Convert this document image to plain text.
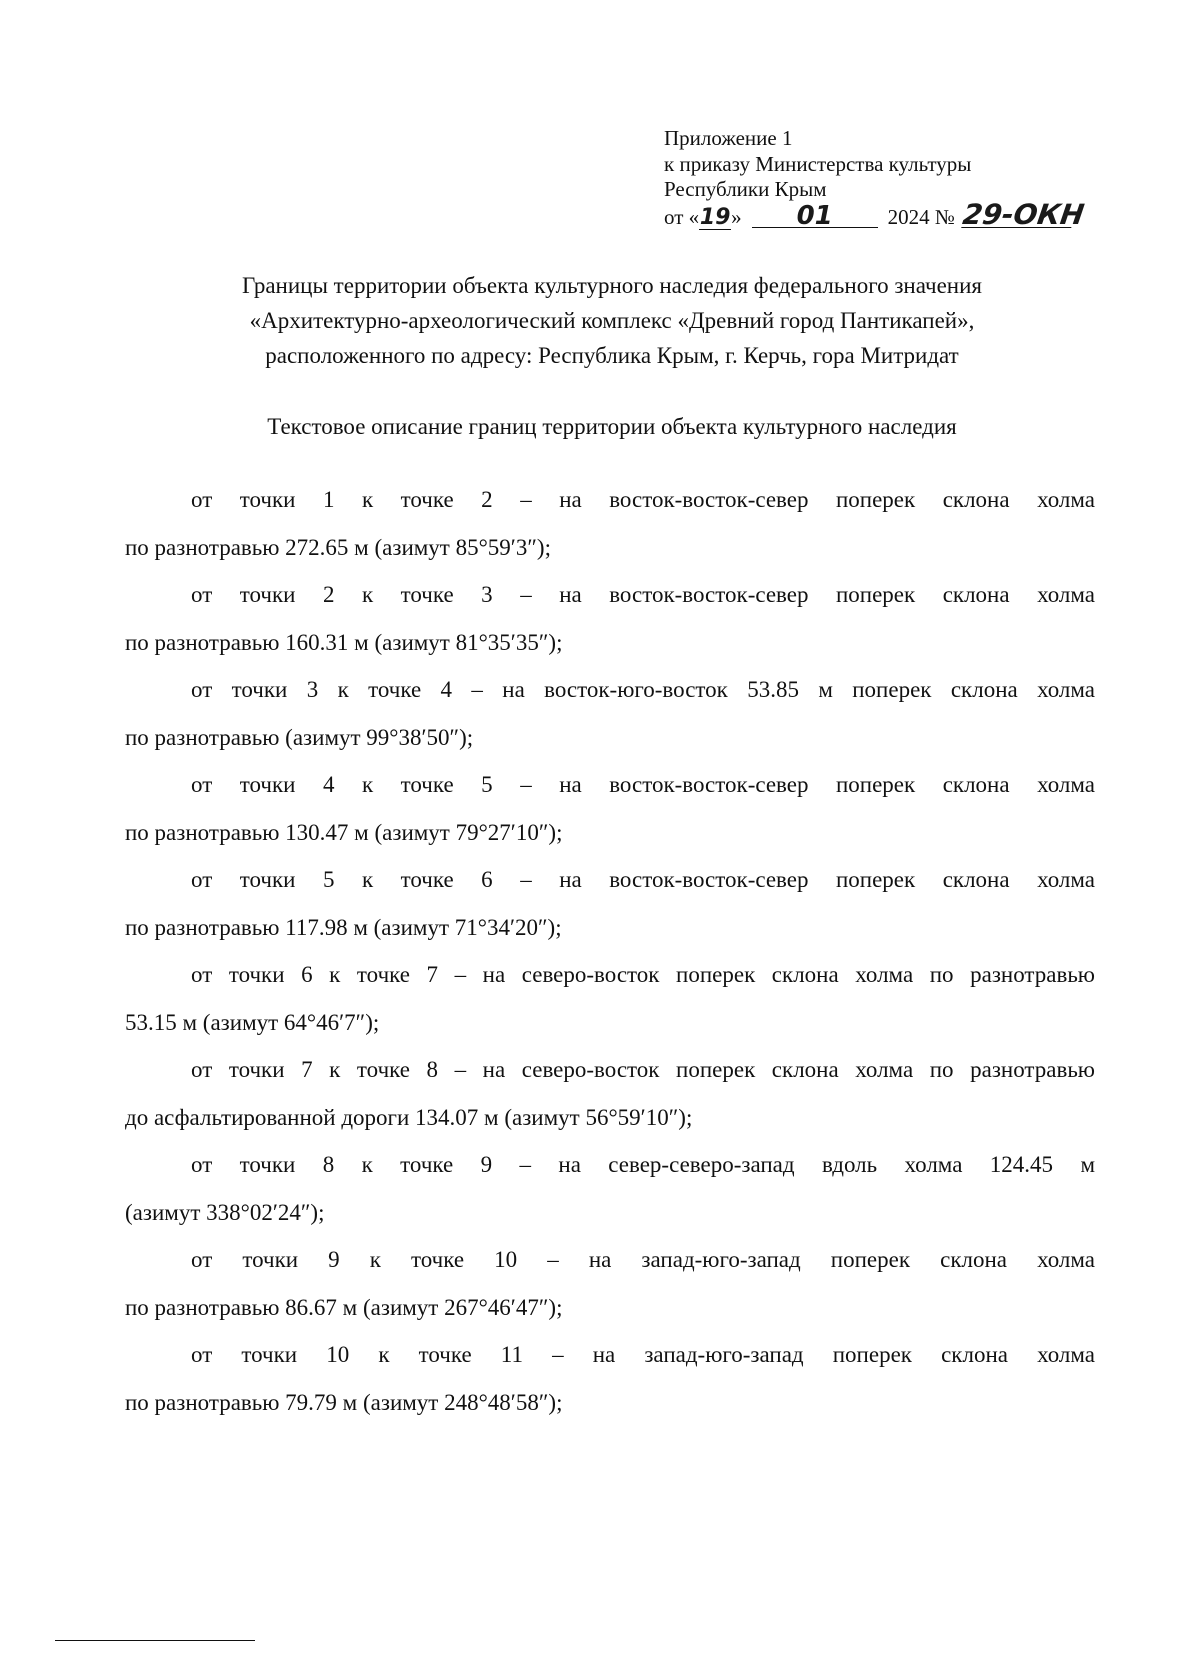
Приложение 1
к приказу Министерства культуры
Республики Крым
от «19» 01	2024 № 29-ОКН
Границы территории объекта культурного наследия федерального значения
«Архитектурно-археологический комплекс «Древний город Пантикапей»,
расположенного по адресу: Республика Крым, г. Керчь, гора Митридат
Текстовое описание границ территории объекта культурного наследия

от точки 1 к точке 2 – на восток-восток-север поперек склона холма
по разнотравью 272.65 м (азимут 85°59′3″);

от точки 2 к точке 3 – на восток-восток-север поперек склона холма
по разнотравью 160.31 м (азимут 81°35′35″);

от точки 3 к точке 4 – на восток-юго-восток 53.85 м поперек склона холма
по разнотравью (азимут 99°38′50″);

от точки 4 к точке 5 – на восток-восток-север поперек склона холма
по разнотравью 130.47 м (азимут 79°27′10″);

от точки 5 к точке 6 – на восток-восток-север поперек склона холма
по разнотравью 117.98 м (азимут 71°34′20″);

от точки 6 к точке 7 – на северо-восток поперек склона холма по разнотравью
53.15 м (азимут 64°46′7″);

от точки 7 к точке 8 – на северо-восток поперек склона холма по разнотравью
до асфальтированной дороги 134.07 м (азимут 56°59′10″);

от точки 8 к точке 9 – на север-северо-запад вдоль холма 124.45 м
(азимут 338°02′24″);

от точки 9 к точке 10 – на запад-юго-запад поперек склона холма
по разнотравью 86.67 м (азимут 267°46′47″);

от точки 10 к точке 11 – на запад-юго-запад поперек склона холма
по разнотравью 79.79 м (азимут 248°48′58″);
